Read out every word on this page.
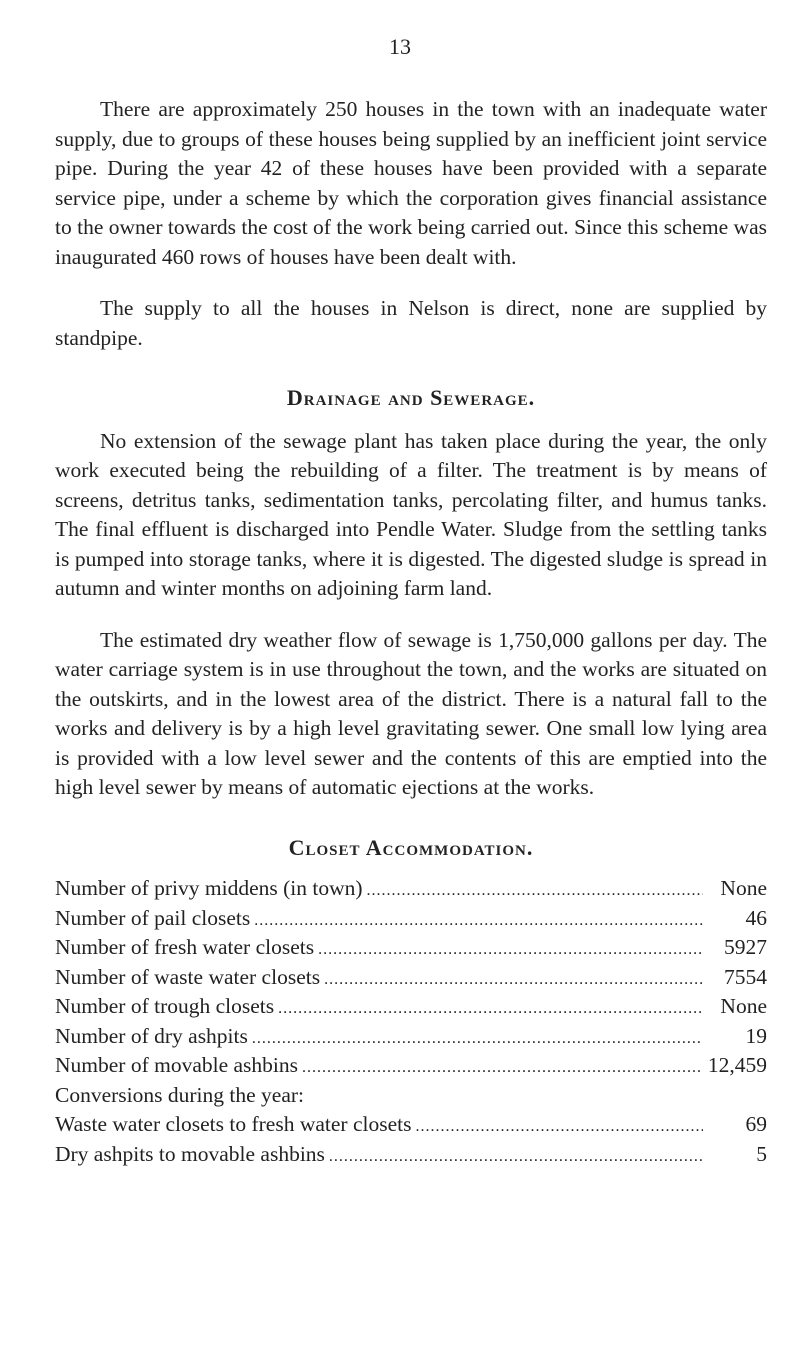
13

There are approximately 250 houses in the town with an inadequate water supply, due to groups of these houses being supplied by an inefficient joint service pipe. During the year 42 of these houses have been provided with a separate service pipe, under a scheme by which the corporation gives financial assistance to the owner towards the cost of the work being carried out. Since this scheme was inaugurated 460 rows of houses have been dealt with.

The supply to all the houses in Nelson is direct, none are supplied by standpipe.

Drainage and Sewerage.

No extension of the sewage plant has taken place during the year, the only work executed being the rebuilding of a filter. The treatment is by means of screens, detritus tanks, sedimentation tanks, percolating filter, and humus tanks. The final effluent is discharged into Pendle Water. Sludge from the settling tanks is pumped into storage tanks, where it is digested. The digested sludge is spread in autumn and winter months on adjoining farm land.

The estimated dry weather flow of sewage is 1,750,000 gallons per day. The water carriage system is in use throughout the town, and the works are situated on the outskirts, and in the lowest area of the district. There is a natural fall to the works and delivery is by a high level gravitating sewer. One small low lying area is provided with a low level sewer and the contents of this are emptied into the high level sewer by means of automatic ejections at the works.

Closet Accommodation.
Number of privy middens (in town) .....	None
Number of pail closets .....	46
Number of fresh water closets .....	5927
Number of waste water closets .....	7554
Number of trough closets .....	None
Number of dry ashpits .....	19
Number of movable ashbins .....	12,459
Conversions during the year:
Waste water closets to fresh water closets .....	69
Dry ashpits to movable ashbins .....	5
